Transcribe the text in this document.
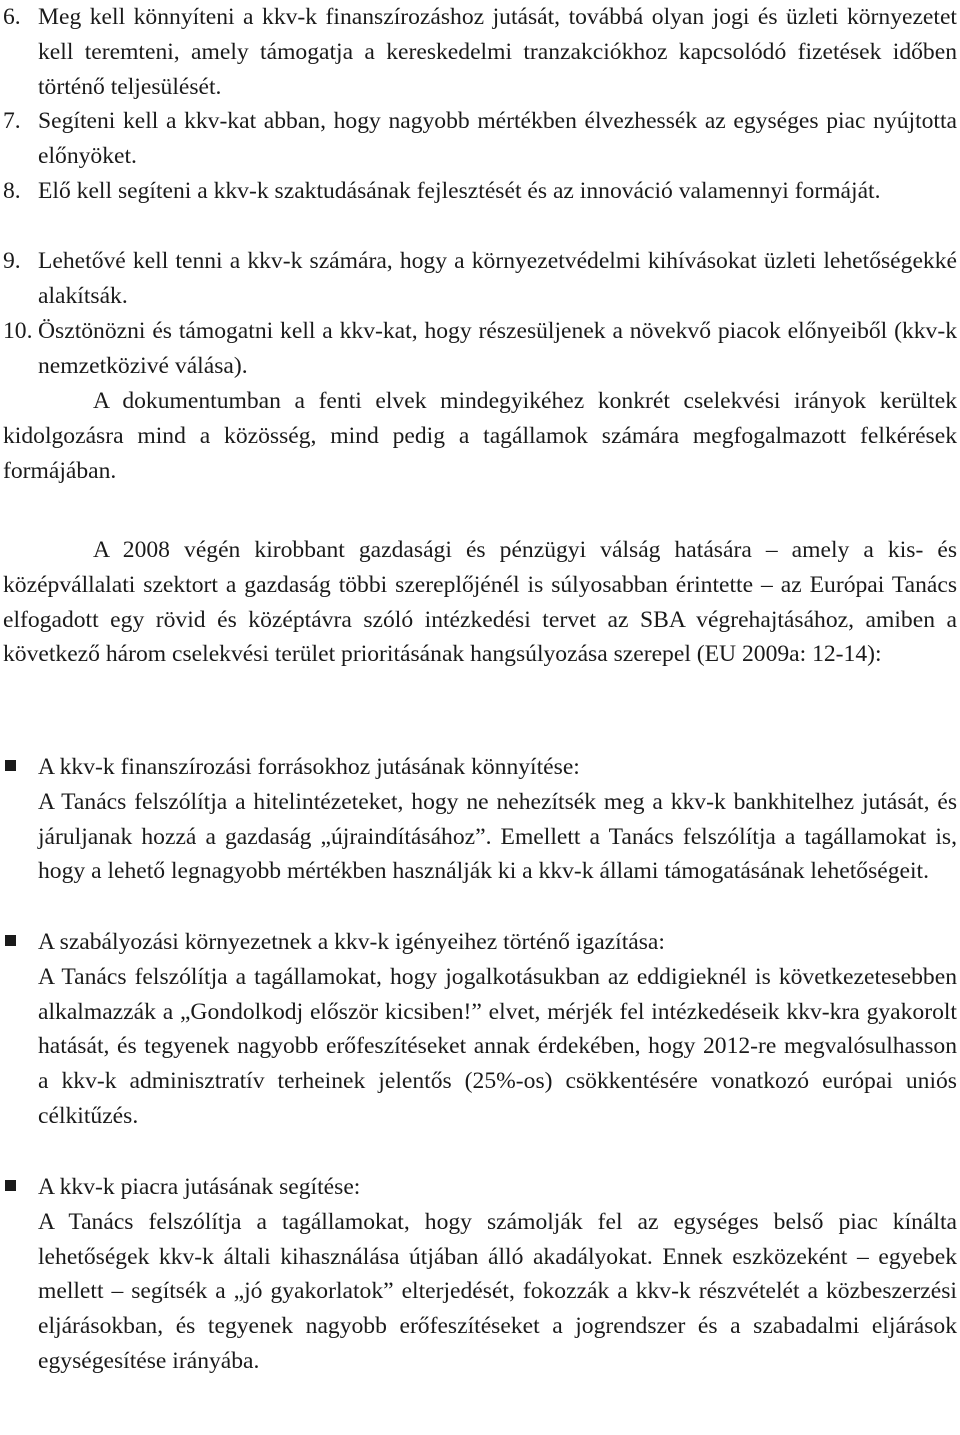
6. Meg kell könnyíteni a kkv-k finanszírozáshoz jutását, továbbá olyan jogi és üzleti környezetet kell teremteni, amely támogatja a kereskedelmi tranzakciókhoz kapcsolódó fizetések időben történő teljesülését.
7. Segíteni kell a kkv-kat abban, hogy nagyobb mértékben élvezhessék az egységes piac nyújtotta előnyöket.
8. Elő kell segíteni a kkv-k szaktudásának fejlesztését és az innováció valamennyi formáját.
9. Lehetővé kell tenni a kkv-k számára, hogy a környezetvédelmi kihívásokat üzleti lehetőségekké alakítsák.
10. Ösztönözni és támogatni kell a kkv-kat, hogy részesüljenek a növekvő piacok előnyeiből (kkv-k nemzetközivé válása).

A dokumentumban a fenti elvek mindegyikéhez konkrét cselekvési irányok kerültek kidolgozásra mind a közösség, mind pedig a tagállamok számára megfogalmazott felkérések formájában.

A 2008 végén kirobbant gazdasági és pénzügyi válság hatására – amely a kis- és középvállalati szektort a gazdaság többi szereplőjénél is súlyosabban érintette – az Európai Tanács elfogadott egy rövid és középtávra szóló intézkedési tervet az SBA végrehajtásához, amiben a következő három cselekvési terület prioritásának hangsúlyozása szerepel (EU 2009a: 12-14):

A kkv-k finanszírozási forrásokhoz jutásának könnyítése:
A Tanács felszólítja a hitelintézeteket, hogy ne nehezítsék meg a kkv-k bankhitelhez jutását, és járuljanak hozzá a gazdaság „újraindításához”. Emellett a Tanács felszólítja a tagállamokat is, hogy a lehető legnagyobb mértékben használják ki a kkv-k állami támogatásának lehetőségeit.
A szabályozási környezetnek a kkv-k igényeihez történő igazítása:
A Tanács felszólítja a tagállamokat, hogy jogalkotásukban az eddigieknél is következetesebben alkalmazzák a „Gondolkodj először kicsiben!” elvet, mérjék fel intézkedéseik kkv-kra gyakorolt hatását, és tegyenek nagyobb erőfeszítéseket annak érdekében, hogy 2012-re megvalósulhasson a kkv-k adminisztratív terheinek jelentős (25%-os) csökkentésére vonatkozó európai uniós célkitűzés.
A kkv-k piacra jutásának segítése:
A Tanács felszólítja a tagállamokat, hogy számolják fel az egységes belső piac kínálta lehetőségek kkv-k általi kihasználása útjában álló akadályokat. Ennek eszközeként – egyebek mellett – segítsék a „jó gyakorlatok” elterjedését, fokozzák a kkv-k részvételét a közbeszerzési eljárásokban, és tegyenek nagyobb erőfeszítéseket a jogrendszer és a szabadalmi eljárások egységesítése irányába.
